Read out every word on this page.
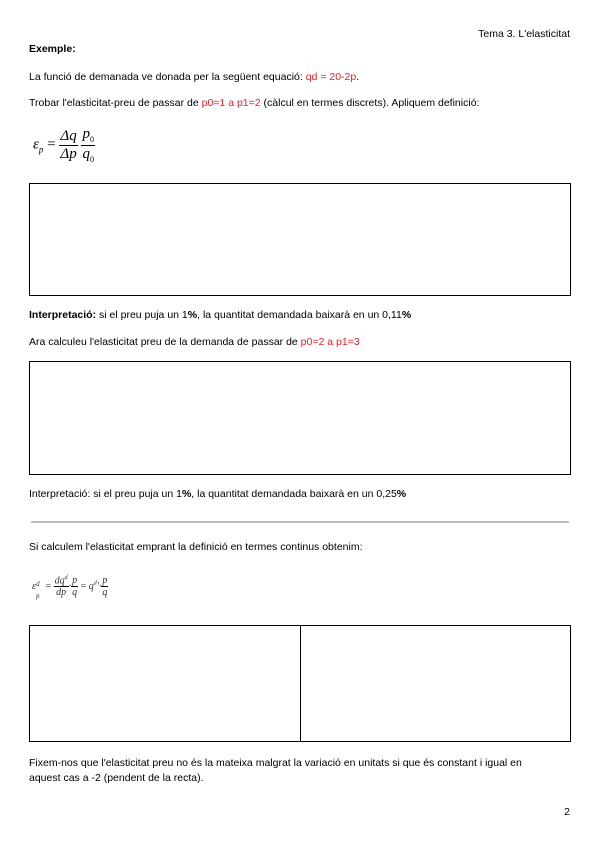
Tema 3. L'elasticitat
Exemple:
La funció de demanada ve donada per la següent equació: qd = 20-2p.
Trobar l'elasticitat-preu de passar de p0=1 a p1=2 (càlcul en termes discrets). Apliquem definició:
$\varepsilon_p = \frac{\Delta q}{\Delta p}$
$\frac{p_0}{q_0}$
Interpretació: si el preu puja un 1%, la quantitat demandada baixarà en un 0,11%
Ara calculeu l'elasticitat preu de la demanda de passar de p0=2 a p1=3
Interpretació: si el preu puja un 1%, la quantitat demandada baixarà en un 0,25%
Si calculem l'elasticitat emprant la definició en termes continus obtenim:
ε d
p
= $\frac{dq^d}{dp} \cdot \frac{p}{q} = q^d'\cdot \frac{p}{q}$
Fixem-nos que l'elasticitat preu no és la mateixa malgrat la variació en unitats si que és constant i igual en
aquest cas a -2 (pendent de la recta).
2
